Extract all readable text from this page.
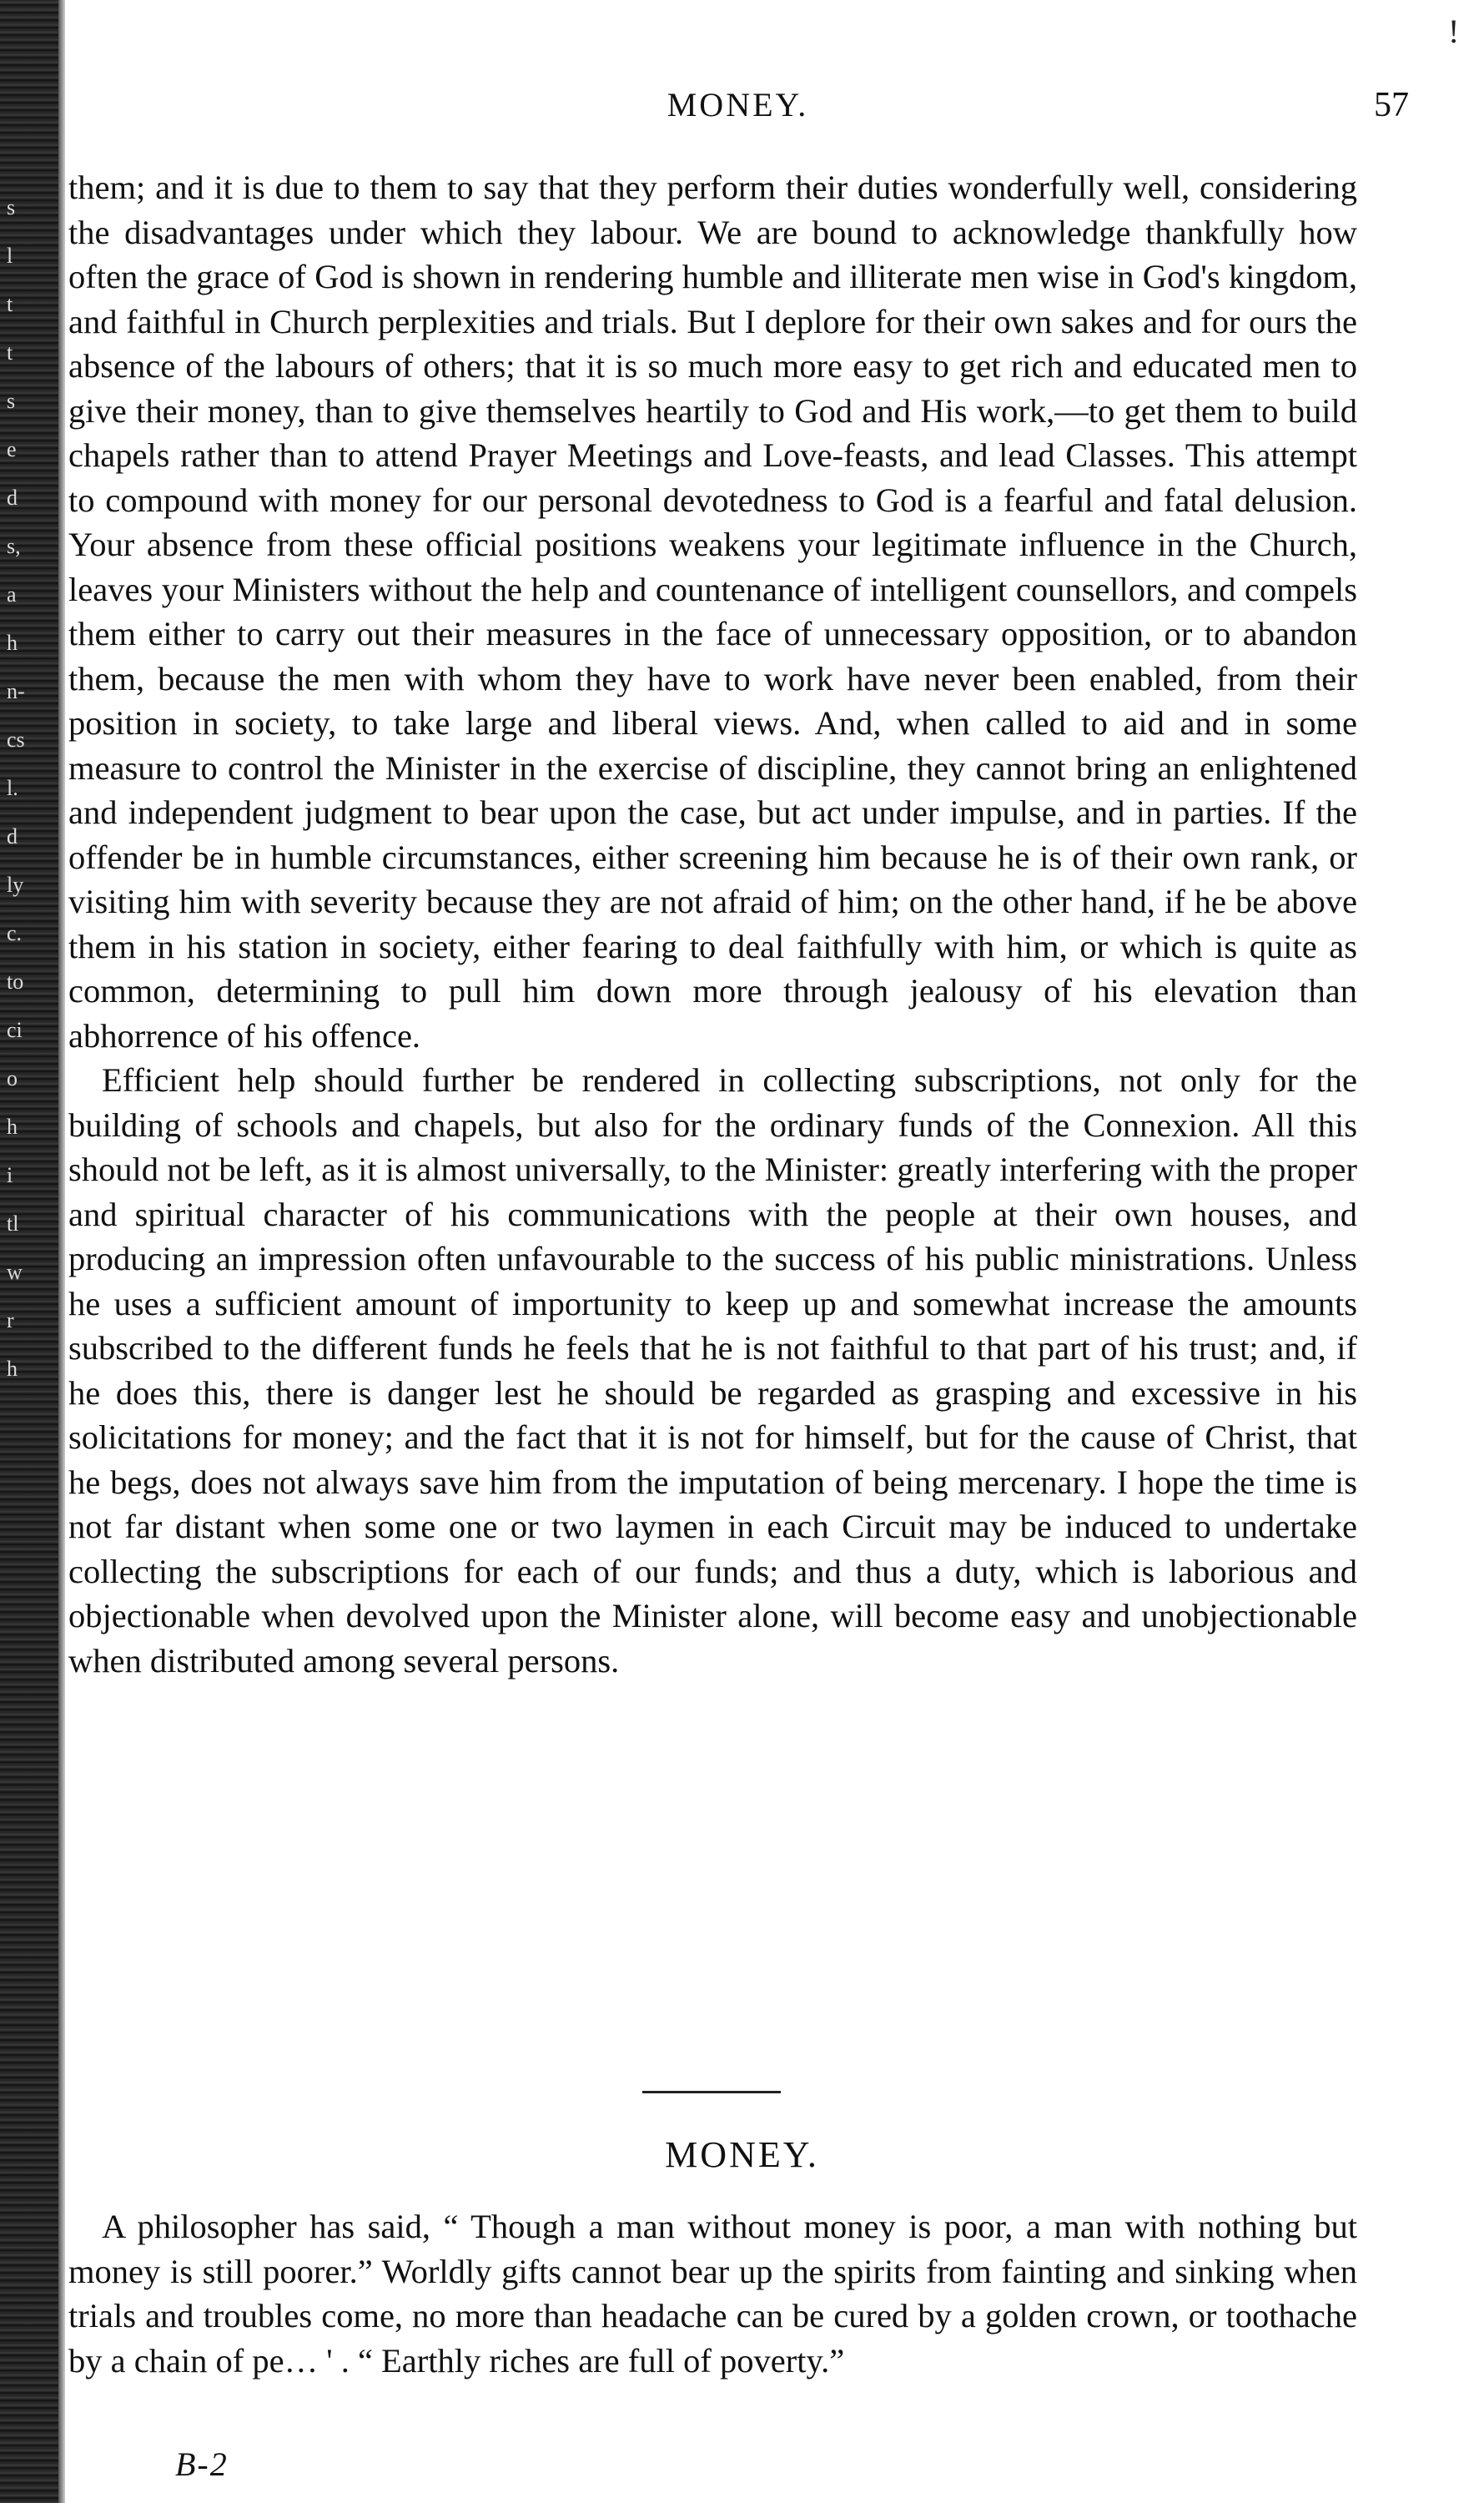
s
l
t
t
s
e
d
s,
a
h
n-
cs
l.
d
ly
c.
to
ci
o
h
i
tl
w
r
h
!
MONEY.	57

them; and it is due to them to say that they perform their duties wonderfully well, considering the disadvantages under which they labour. We are bound to acknowledge thankfully how often the grace of God is shown in rendering humble and illiterate men wise in God's kingdom, and faithful in Church perplexities and trials. But I deplore for their own sakes and for ours the absence of the labours of others; that it is so much more easy to get rich and educated men to give their money, than to give themselves heartily to God and His work,—to get them to build chapels rather than to attend Prayer Meetings and Love-feasts, and lead Classes. This attempt to compound with money for our personal devotedness to God is a fearful and fatal delusion. Your absence from these official positions weakens your legitimate influence in the Church, leaves your Ministers without the help and countenance of intelligent counsellors, and compels them either to carry out their measures in the face of unnecessary opposition, or to abandon them, because the men with whom they have to work have never been enabled, from their position in society, to take large and liberal views. And, when called to aid and in some measure to control the Minister in the exercise of discipline, they cannot bring an enlightened and independent judgment to bear upon the case, but act under impulse, and in parties. If the offender be in humble circumstances, either screening him because he is of their own rank, or visiting him with severity because they are not afraid of him; on the other hand, if he be above them in his station in society, either fearing to deal faithfully with him, or which is quite as common, determining to pull him down more through jealousy of his elevation than abhorrence of his offence.

Efficient help should further be rendered in collecting subscriptions, not only for the building of schools and chapels, but also for the ordinary funds of the Connexion. All this should not be left, as it is almost universally, to the Minister: greatly interfering with the proper and spiritual character of his communications with the people at their own houses, and producing an impression often unfavourable to the success of his public ministrations. Unless he uses a sufficient amount of importunity to keep up and somewhat increase the amounts subscribed to the different funds he feels that he is not faithful to that part of his trust; and, if he does this, there is danger lest he should be regarded as grasping and excessive in his solicitations for money; and the fact that it is not for himself, but for the cause of Christ, that he begs, does not always save him from the imputation of being mercenary. I hope the time is not far distant when some one or two laymen in each Circuit may be induced to undertake collecting the subscriptions for each of our funds; and thus a duty, which is laborious and objectionable when devolved upon the Minister alone, will become easy and unobjectionable when distributed among several persons.

MONEY.

A philosopher has said, “ Though a man without money is poor, a man with nothing but money is still poorer.” Worldly gifts cannot bear up the spirits from fainting and sinking when trials and troubles come, no more than headache can be cured by a golden crown, or toothache by a chain of pe… ' . “ Earthly riches are full of poverty.”

B-2
